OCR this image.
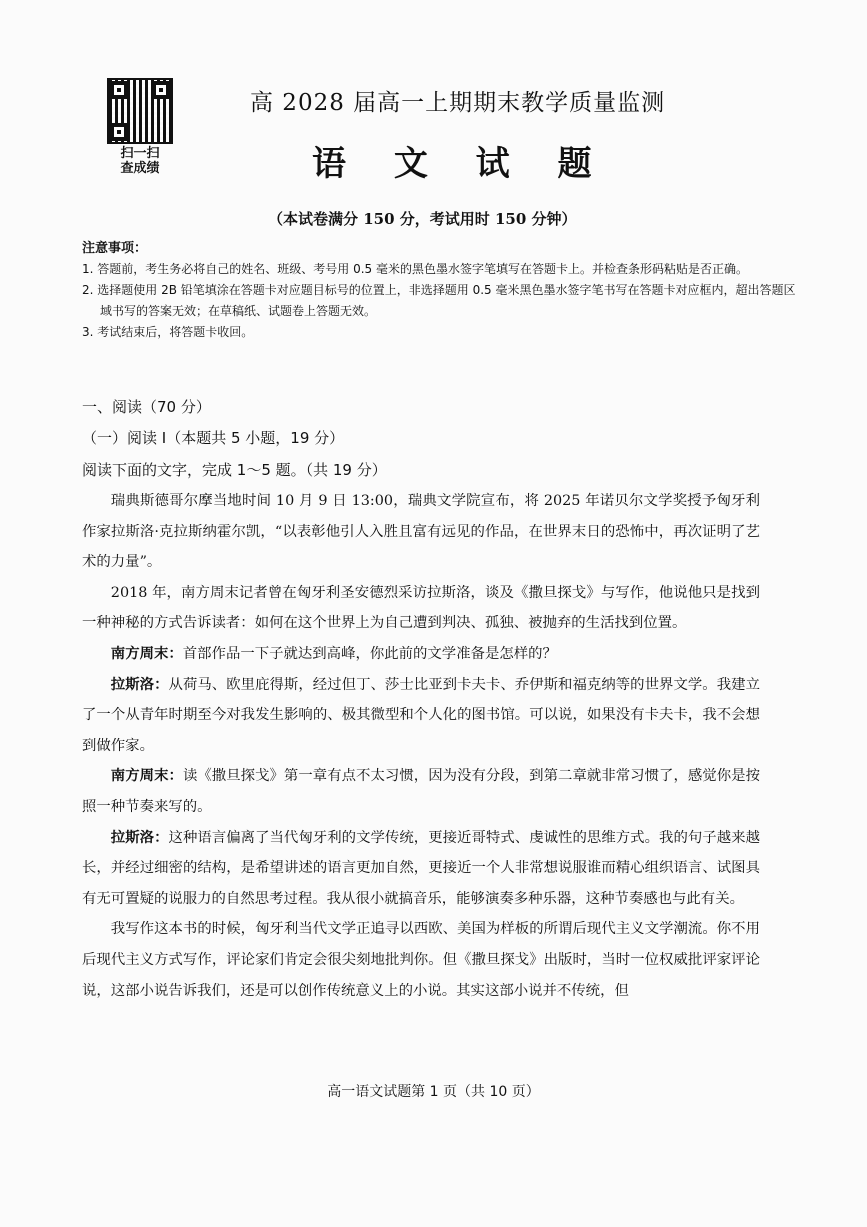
扫一扫
查成绩
高 2028 届高一上期期末教学质量监测
语 文 试 题
（本试卷满分 150 分，考试用时 150 分钟）
注意事项：
1. 答题前，考生务必将自己的姓名、班级、考号用 0.5 毫米的黑色墨水签字笔填写在答题卡上。并检查条形码粘贴是否正确。
2. 选择题使用 2B 铅笔填涂在答题卡对应题目标号的位置上，非选择题用 0.5 毫米黑色墨水签字笔书写在答题卡对应框内，超出答题区域书写的答案无效；在草稿纸、试题卷上答题无效。
3. 考试结束后，将答题卡收回。
一、阅读（70 分）
（一）阅读 Ⅰ（本题共 5 小题，19 分）
阅读下面的文字，完成 1～5 题。（共 19 分）

瑞典斯德哥尔摩当地时间 10 月 9 日 13:00，瑞典文学院宣布，将 2025 年诺贝尔文学奖授予匈牙利作家拉斯洛·克拉斯纳霍尔凯，“以表彰他引人入胜且富有远见的作品，在世界末日的恐怖中，再次证明了艺术的力量”。

2018 年，南方周末记者曾在匈牙利圣安德烈采访拉斯洛，谈及《撒旦探戈》与写作，他说他只是找到一种神秘的方式告诉读者：如何在这个世界上为自己遭到判决、孤独、被抛弃的生活找到位置。

南方周末：首部作品一下子就达到高峰，你此前的文学准备是怎样的？

拉斯洛：从荷马、欧里庇得斯，经过但丁、莎士比亚到卡夫卡、乔伊斯和福克纳等的世界文学。我建立了一个从青年时期至今对我发生影响的、极其微型和个人化的图书馆。可以说，如果没有卡夫卡，我不会想到做作家。

南方周末：读《撒旦探戈》第一章有点不太习惯，因为没有分段，到第二章就非常习惯了，感觉你是按照一种节奏来写的。

拉斯洛：这种语言偏离了当代匈牙利的文学传统，更接近哥特式、虔诚性的思维方式。我的句子越来越长，并经过细密的结构，是希望讲述的语言更加自然，更接近一个人非常想说服谁而精心组织语言、试图具有无可置疑的说服力的自然思考过程。我从很小就搞音乐，能够演奏多种乐器，这种节奏感也与此有关。

我写作这本书的时候，匈牙利当代文学正追寻以西欧、美国为样板的所谓后现代主义文学潮流。你不用后现代主义方式写作，评论家们肯定会很尖刻地批判你。但《撒旦探戈》出版时，当时一位权威批评家评论说，这部小说告诉我们，还是可以创作传统意义上的小说。其实这部小说并不传统，但

高一语文试题第 1 页（共 10 页）
